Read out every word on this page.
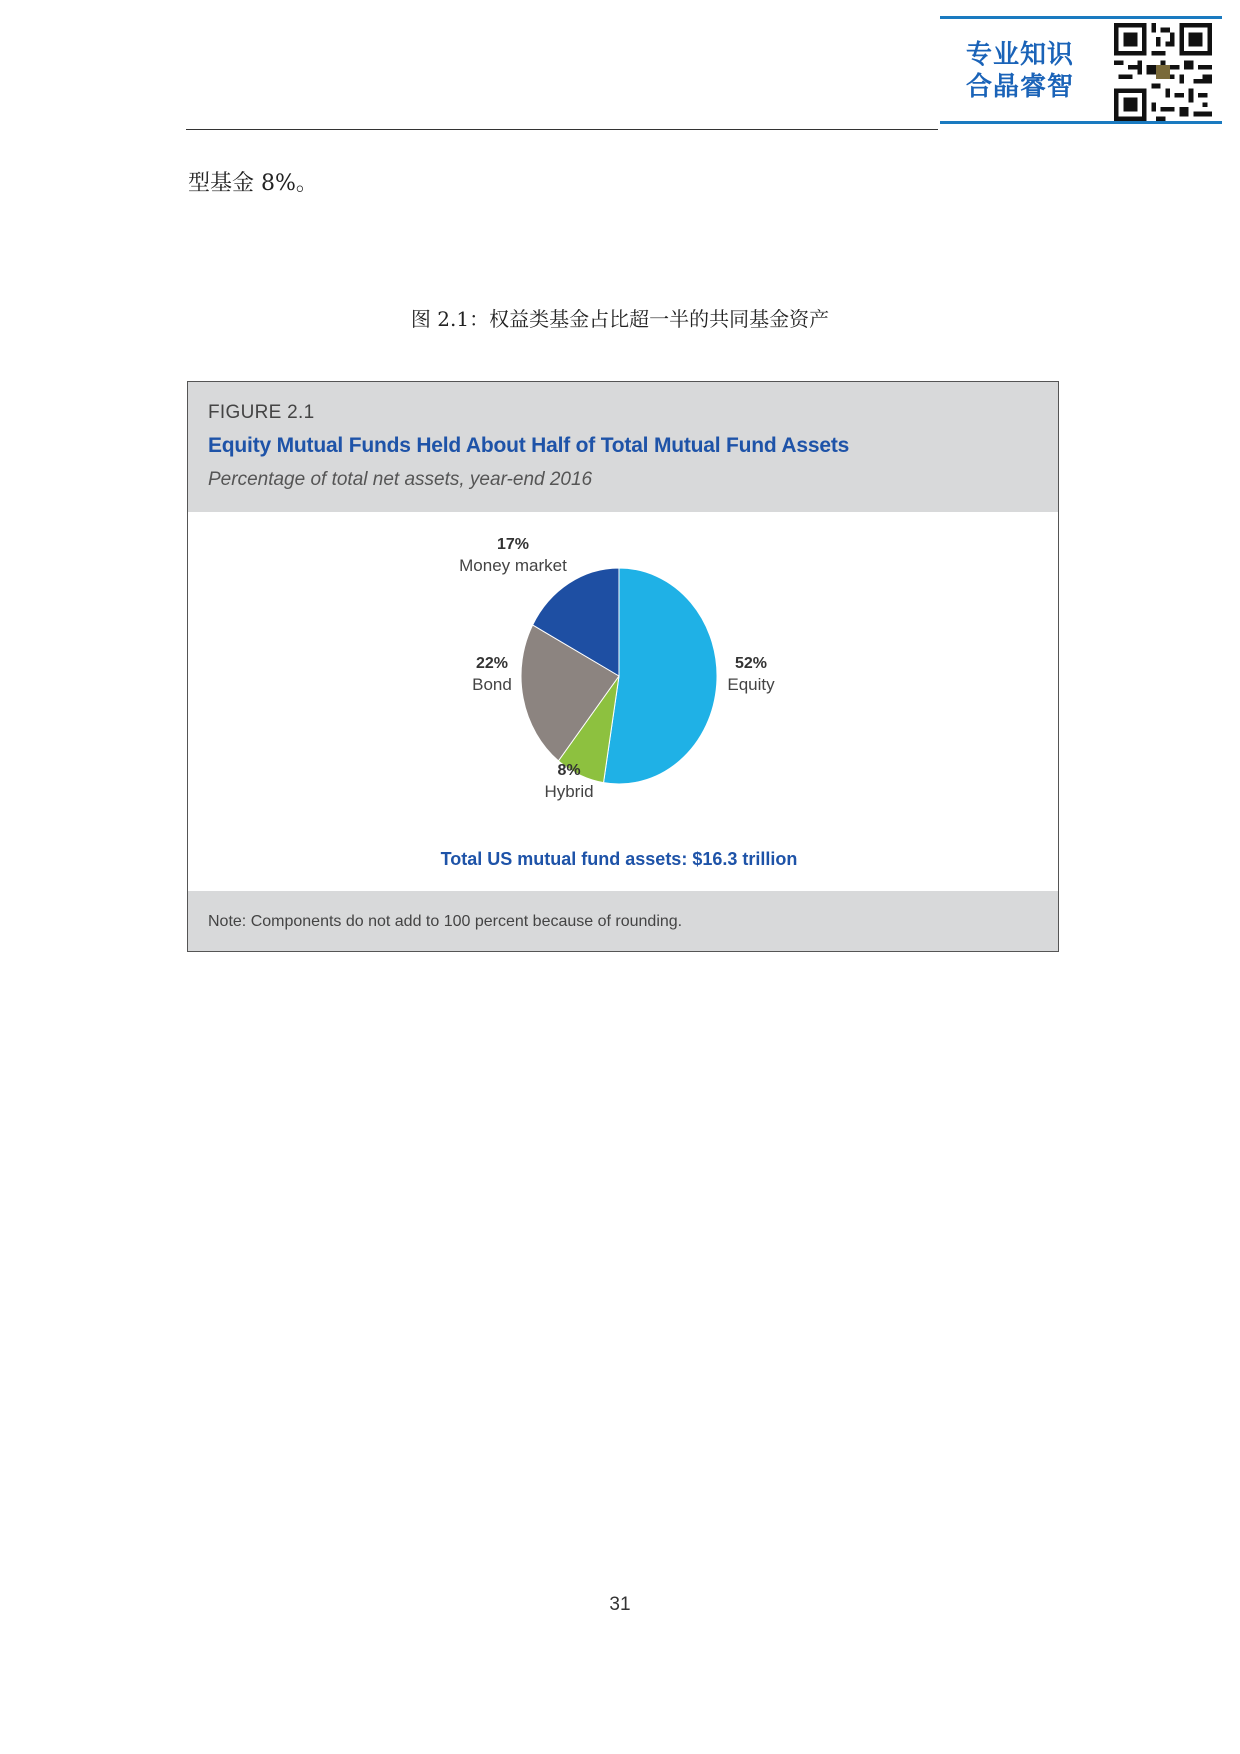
专业知识
合晶睿智
型基金 8%。
图 2.1：权益类基金占比超一半的共同基金资产
FIGURE 2.1
Equity Mutual Funds Held About Half of Total Mutual Fund Assets
Percentage of total net assets, year-end 2016
52%
Equity
8%
Hybrid
22%
Bond
17%
Money market
Total US mutual fund assets: $16.3 trillion
Note: Components do not add to 100 percent because of rounding.
31
